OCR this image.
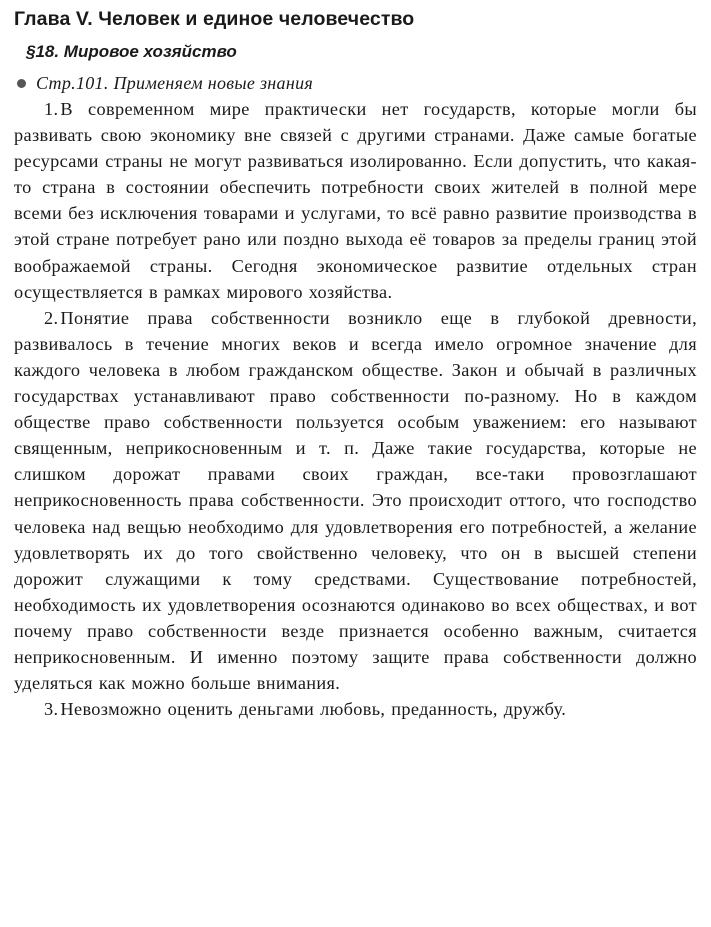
Глава V. Человек и единое человечество
§18. Мировое хозяйство
Стр.101. Применяем новые знания

1. В современном мире практически нет государств, которые могли бы развивать свою экономику вне связей с другими странами. Даже самые богатые ресурсами страны не могут развиваться изолированно. Если допустить, что какая-то страна в состоянии обеспечить потребности своих жителей в полной мере всеми без исключения товарами и услугами, то всё равно развитие производства в этой стране потребует рано или поздно выхода её товаров за пределы границ этой воображаемой страны. Сегодня экономическое развитие отдельных стран осуществляется в рамках мирового хозяйства.

2. Понятие права собственности возникло еще в глубокой древности, развивалось в течение многих веков и всегда имело огромное значение для каждого человека в любом гражданском обществе. Закон и обычай в различных государствах устанавливают право собственности по-разному. Но в каждом обществе право собственности пользуется особым уважением: его называют священным, неприкосновенным и т. п. Даже такие государства, которые не слишком дорожат правами своих граждан, все-таки провозглашают неприкосновенность права собственности. Это происходит оттого, что господство человека над вещью необходимо для удовлетворения его потребностей, а желание удовлетворять их до того свойственно человеку, что он в высшей степени дорожит служащими к тому средствами. Существование потребностей, необходимость их удовлетворения осознаются одинаково во всех обществах, и вот почему право собственности везде признается особенно важным, считается неприкосновенным. И именно поэтому защите права собственности должно уделяться как можно больше внимания.

3. Невозможно оценить деньгами любовь, преданность, дружбу.
